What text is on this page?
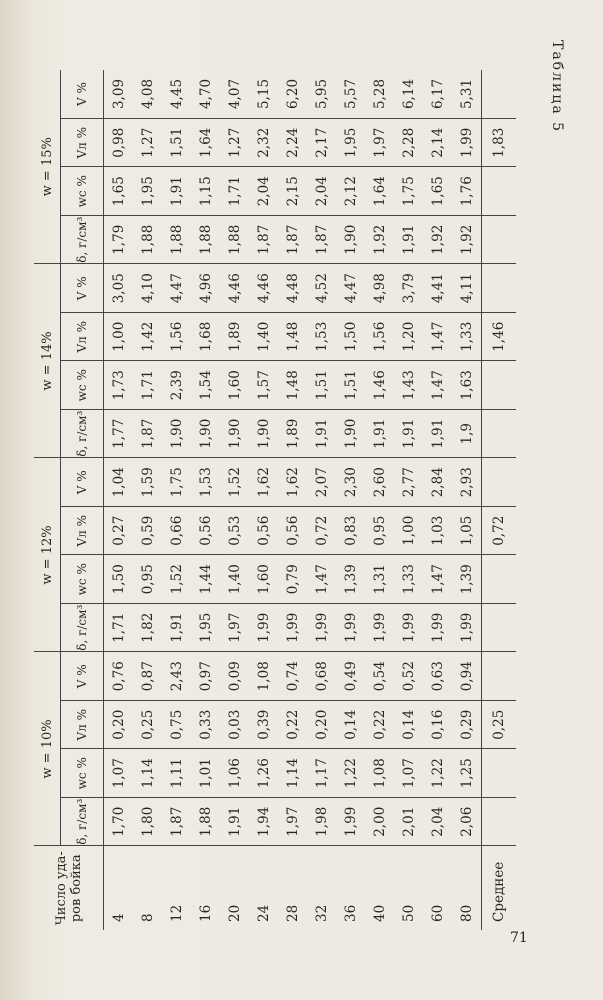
Таблица 5
Число уда-
ров бойка	w = 10%				w = 12%				w = 14%				w = 15%			
	δ, г/см³	wс %	Vл %	V %	δ, г/см³	wс %	Vл %	V %	δ, г/см³	wс %	Vл %	V %	δ, г/см³	wс %	Vл %	V %
4	1,70	1,07	0,20	0,76	1,71	1,50	0,27	1,04	1,77	1,73	1,00	3,05	1,79	1,65	0,98	3,09
8	1,80	1,14	0,25	0,87	1,82	0,95	0,59	1,59	1,87	1,71	1,42	4,10	1,88	1,95	1,27	4,08
12	1,87	1,11	0,75	2,43	1,91	1,52	0,66	1,75	1,90	2,39	1,56	4,47	1,88	1,91	1,51	4,45
16	1,88	1,01	0,33	0,97	1,95	1,44	0,56	1,53	1,90	1,54	1,68	4,96	1,88	1,15	1,64	4,70
20	1,91	1,06	0,03	0,09	1,97	1,40	0,53	1,52	1,90	1,60	1,89	4,46	1,88	1,71	1,27	4,07
24	1,94	1,26	0,39	1,08	1,99	1,60	0,56	1,62	1,90	1,57	1,40	4,46	1,87	2,04	2,32	5,15
28	1,97	1,14	0,22	0,74	1,99	0,79	0,56	1,62	1,89	1,48	1,48	4,48	1,87	2,15	2,24	6,20
32	1,98	1,17	0,20	0,68	1,99	1,47	0,72	2,07	1,91	1,51	1,53	4,52	1,87	2,04	2,17	5,95
36	1,99	1,22	0,14	0,49	1,99	1,39	0,83	2,30	1,90	1,51	1,50	4,47	1,90	2,12	1,95	5,57
40	2,00	1,08	0,22	0,54	1,99	1,31	0,95	2,60	1,91	1,46	1,56	4,98	1,92	1,64	1,97	5,28
50	2,01	1,07	0,14	0,52	1,99	1,33	1,00	2,77	1,91	1,43	1,20	3,79	1,91	1,75	2,28	6,14
60	2,04	1,22	0,16	0,63	1,99	1,47	1,03	2,84	1,91	1,47	1,47	4,41	1,92	1,65	2,14	6,17
80	2,06	1,25	0,29	0,94	1,99	1,39	1,05	2,93	1,9	1,63	1,33	4,11	1,92	1,76	1,99	5,31
Среднее			0,25				0,72				1,46				1,83	
71
